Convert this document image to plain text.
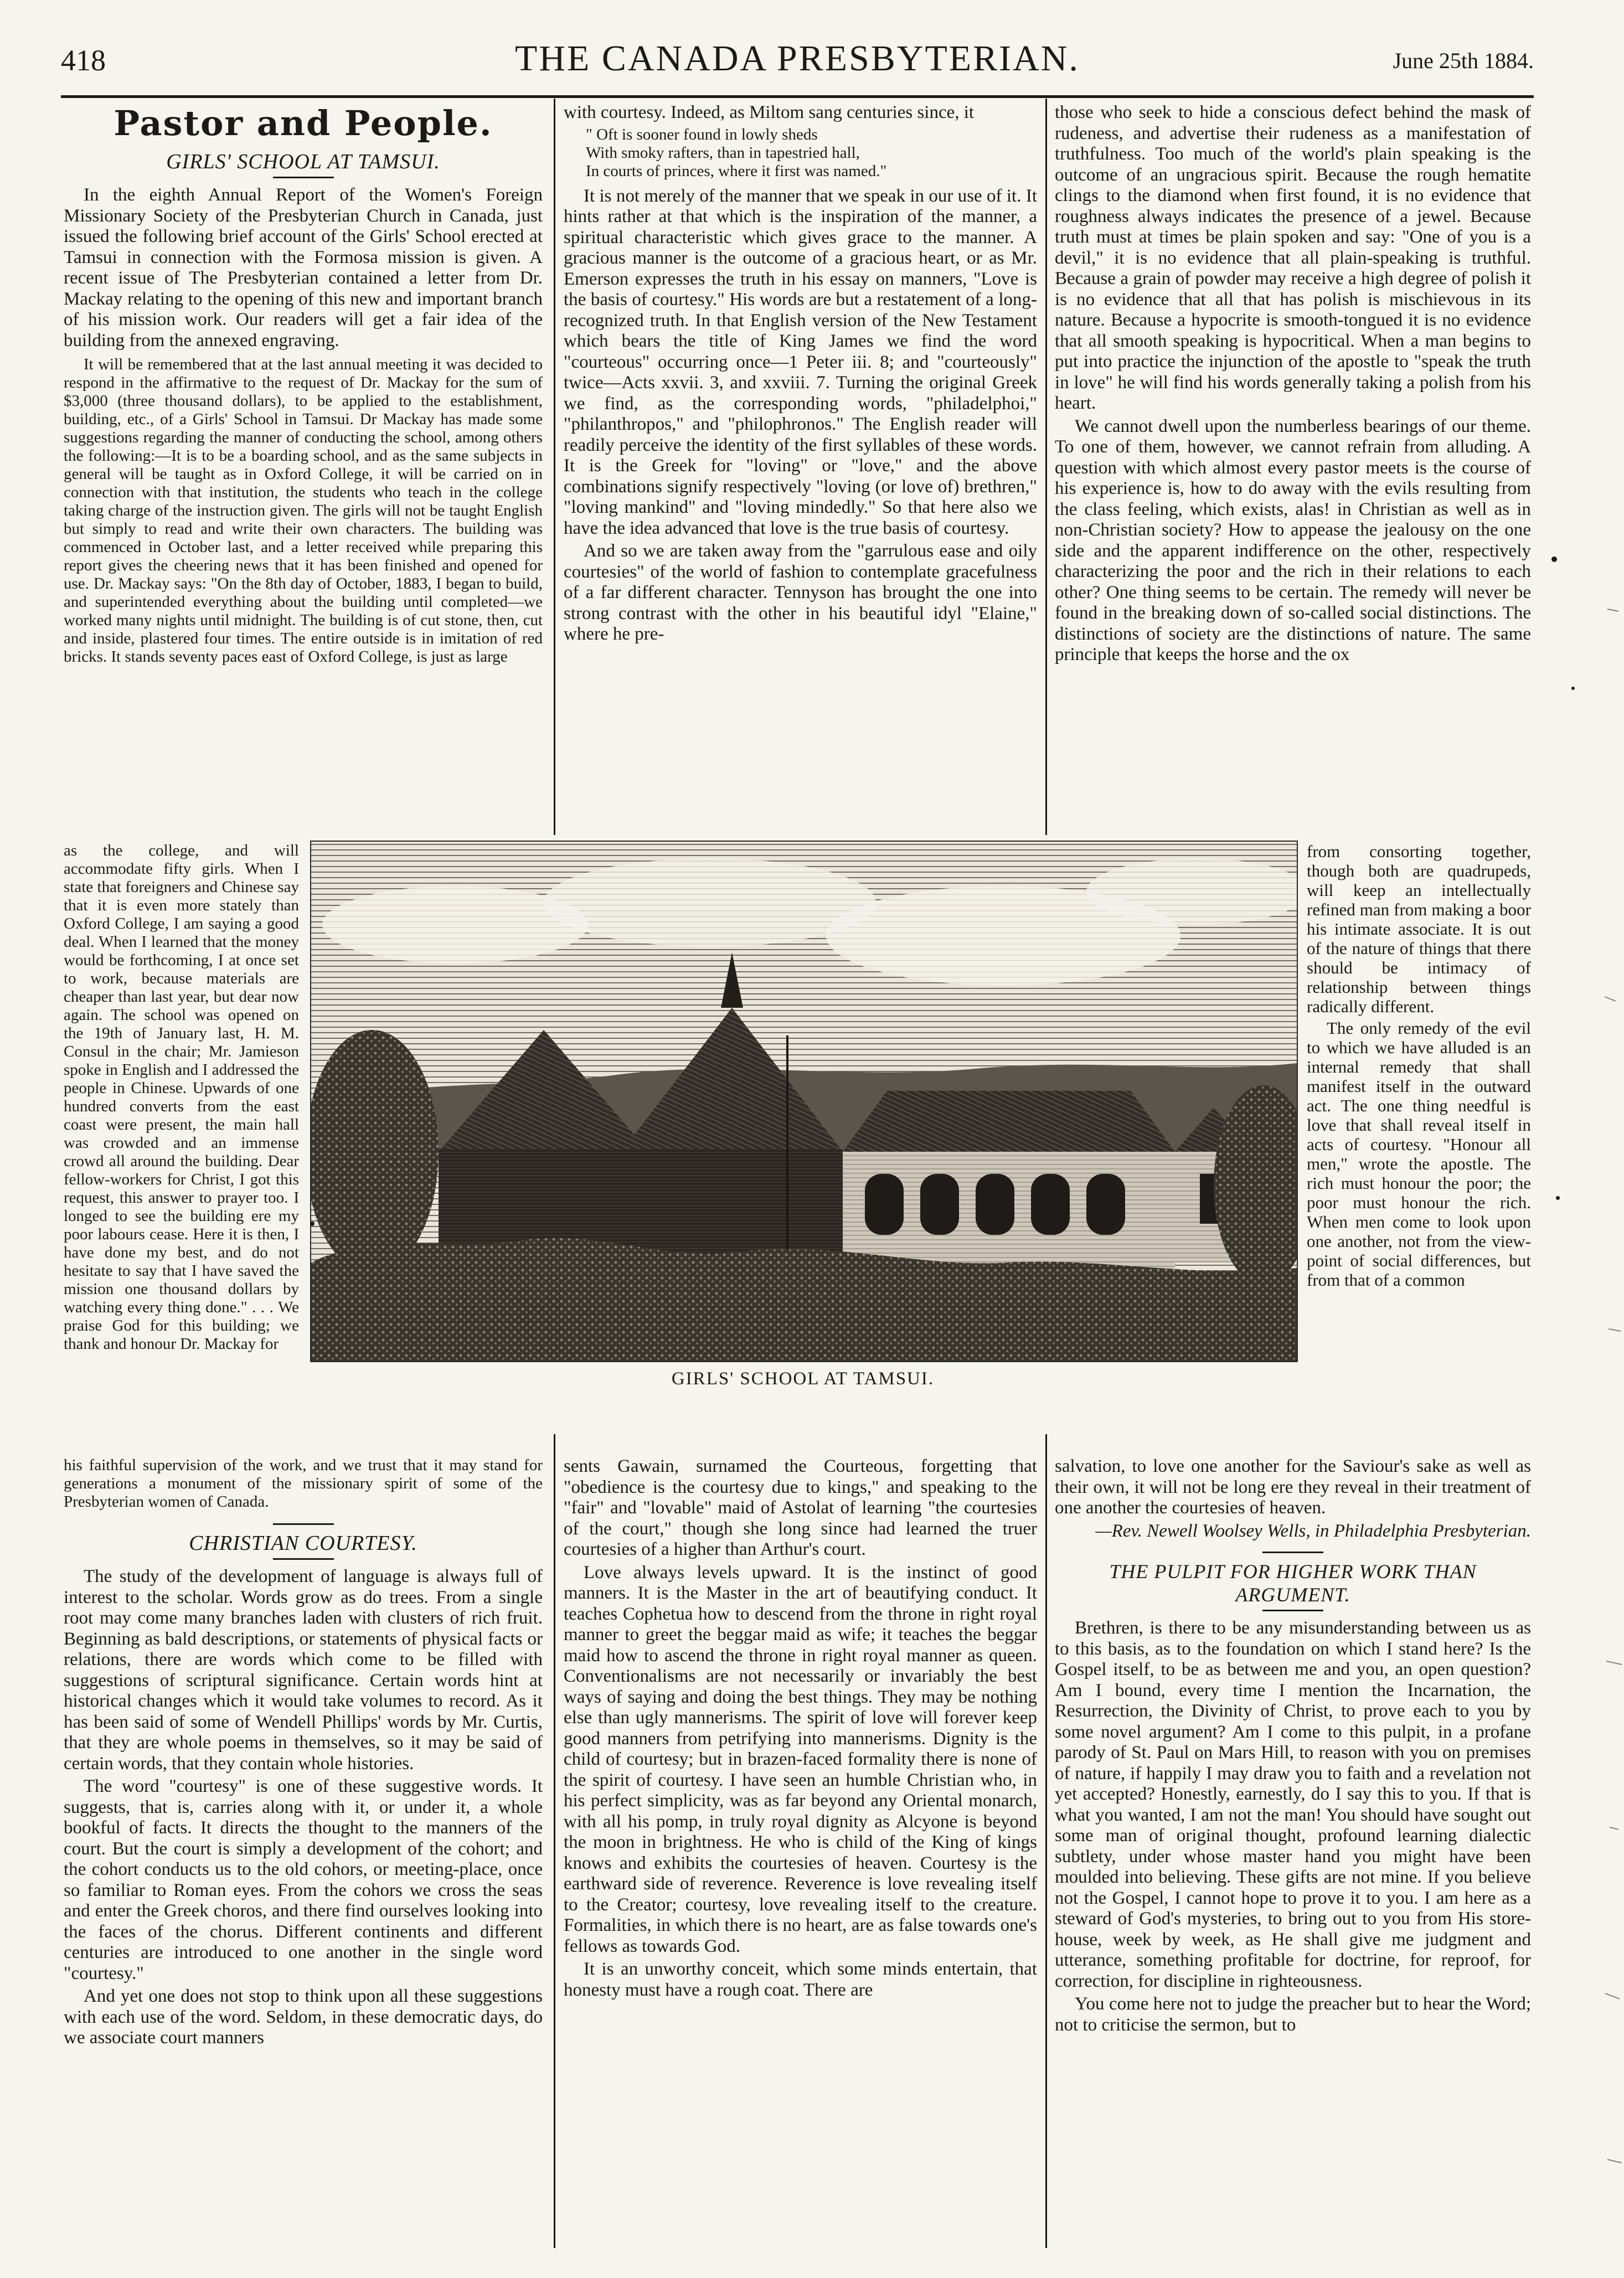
418	THE CANADA PRESBYTERIAN.	June 25th 1884.
Pastor and People.
GIRLS' SCHOOL AT TAMSUI.

In the eighth Annual Report of the Women's Foreign Missionary Society of the Presbyterian Church in Canada, just issued the following brief account of the Girls' School erected at Tamsui in connection with the Formosa mission is given. A recent issue of The Presbyterian contained a letter from Dr. Mackay relating to the opening of this new and important branch of his mission work. Our readers will get a fair idea of the building from the annexed engraving.

It will be remembered that at the last annual meeting it was decided to respond in the affirmative to the request of Dr. Mackay for the sum of $3,000 (three thousand dollars), to be applied to the establishment, building, etc., of a Girls' School in Tamsui. Dr Mackay has made some suggestions regarding the manner of conducting the school, among others the following:—It is to be a boarding school, and as the same subjects in general will be taught as in Oxford College, it will be carried on in connection with that institution, the students who teach in the college taking charge of the instruction given. The girls will not be taught English but simply to read and write their own characters. The building was commenced in October last, and a letter received while preparing this report gives the cheering news that it has been finished and opened for use. Dr. Mackay says: "On the 8th day of October, 1883, I began to build, and superintended everything about the building until completed—we worked many nights until midnight. The building is of cut stone, then, cut and inside, plastered four times. The entire outside is in imitation of red bricks. It stands seventy paces east of Oxford College, is just as large

as the college, and will accommodate fifty girls. When I state that foreigners and Chinese say that it is even more stately than Oxford College, I am saying a good deal. When I learned that the money would be forthcoming, I at once set to work, because materials are cheaper than last year, but dear now again. The school was opened on the 19th of January last, H. M. Consul in the chair; Mr. Jamieson spoke in English and I addressed the people in Chinese. Upwards of one hundred converts from the east coast were present, the main hall was crowded and an immense crowd all around the building. Dear fellow-workers for Christ, I got this request, this answer to prayer too. I longed to see the building ere my poor labours cease. Here it is then, I have done my best, and do not hesitate to say that I have saved the mission one thousand dollars by watching every thing done." . . . We praise God for this building; we thank and honour Dr. Mackay for

with courtesy. Indeed, as Miltom sang centuries since, it

" Oft is sooner found in lowly sheds
With smoky rafters, than in tapestried hall,
In courts of princes, where it first was named."

It is not merely of the manner that we speak in our use of it. It hints rather at that which is the inspiration of the manner, a spiritual characteristic which gives grace to the manner. A gracious manner is the outcome of a gracious heart, or as Mr. Emerson expresses the truth in his essay on manners, "Love is the basis of courtesy." His words are but a restatement of a long-recognized truth. In that English version of the New Testament which bears the title of King James we find the word "courteous" occurring once—1 Peter iii. 8; and "courteously" twice—Acts xxvii. 3, and xxviii. 7. Turning the original Greek we find, as the corresponding words, "philadelphoi," "philanthropos," and "philophronos." The English reader will readily perceive the identity of the first syllables of these words. It is the Greek for "loving" or "love," and the above combinations signify respectively "loving (or love of) brethren," "loving mankind" and "loving mindedly." So that here also we have the idea advanced that love is the true basis of courtesy.

And so we are taken away from the "garrulous ease and oily courtesies" of the world of fashion to contemplate gracefulness of a far different character. Tennyson has brought the one into strong contrast with the other in his beautiful idyl "Elaine," where he pre-

those who seek to hide a conscious defect behind the mask of rudeness, and advertise their rudeness as a manifestation of truthfulness. Too much of the world's plain speaking is the outcome of an ungracious spirit. Because the rough hematite clings to the diamond when first found, it is no evidence that roughness always indicates the presence of a jewel. Because truth must at times be plain spoken and say: "One of you is a devil," it is no evidence that all plain-speaking is truthful. Because a grain of powder may receive a high degree of polish it is no evidence that all that has polish is mischievous in its nature. Because a hypocrite is smooth-tongued it is no evidence that all smooth speaking is hypocritical. When a man begins to put into practice the injunction of the apostle to "speak the truth in love" he will find his words generally taking a polish from his heart.

We cannot dwell upon the numberless bearings of our theme. To one of them, however, we cannot refrain from alluding. A question with which almost every pastor meets is the course of his experience is, how to do away with the evils resulting from the class feeling, which exists, alas! in Christian as well as in non-Christian society? How to appease the jealousy on the one side and the apparent indifference on the other, respectively characterizing the poor and the rich in their relations to each other? One thing seems to be certain. The remedy will never be found in the breaking down of so-called social distinctions. The distinctions of society are the distinctions of nature. The same principle that keeps the horse and the ox

from consorting together, though both are quadrupeds, will keep an intellectually refined man from making a boor his intimate associate. It is out of the nature of things that there should be intimacy of relationship between things radically different.

The only remedy of the evil to which we have alluded is an internal remedy that shall manifest itself in the outward act. The one thing needful is love that shall reveal itself in acts of courtesy. "Honour all men," wrote the apostle. The rich must honour the poor; the poor must honour the rich. When men come to look upon one another, not from the view-point of social differences, but from that of a common

GIRLS' SCHOOL AT TAMSUI.

his faithful supervision of the work, and we trust that it may stand for generations a monument of the missionary spirit of some of the Presbyterian women of Canada.

CHRISTIAN COURTESY.

The study of the development of language is always full of interest to the scholar. Words grow as do trees. From a single root may come many branches laden with clusters of rich fruit. Beginning as bald descriptions, or statements of physical facts or relations, there are words which come to be filled with suggestions of scriptural significance. Certain words hint at historical changes which it would take volumes to record. As it has been said of some of Wendell Phillips' words by Mr. Curtis, that they are whole poems in themselves, so it may be said of certain words, that they contain whole histories.

The word "courtesy" is one of these suggestive words. It suggests, that is, carries along with it, or under it, a whole bookful of facts. It directs the thought to the manners of the court. But the court is simply a development of the cohort; and the cohort conducts us to the old cohors, or meeting-place, once so familiar to Roman eyes. From the cohors we cross the seas and enter the Greek choros, and there find ourselves looking into the faces of the chorus. Different continents and different centuries are introduced to one another in the single word "courtesy."

And yet one does not stop to think upon all these suggestions with each use of the word. Seldom, in these democratic days, do we associate court manners

sents Gawain, surnamed the Courteous, forgetting that "obedience is the courtesy due to kings," and speaking to the "fair" and "lovable" maid of Astolat of learning "the courtesies of the court," though she long since had learned the truer courtesies of a higher than Arthur's court.

Love always levels upward. It is the instinct of good manners. It is the Master in the art of beautifying conduct. It teaches Cophetua how to descend from the throne in right royal manner to greet the beggar maid as wife; it teaches the beggar maid how to ascend the throne in right royal manner as queen. Conventionalisms are not necessarily or invariably the best ways of saying and doing the best things. They may be nothing else than ugly mannerisms. The spirit of love will forever keep good manners from petrifying into mannerisms. Dignity is the child of courtesy; but in brazen-faced formality there is none of the spirit of courtesy. I have seen an humble Christian who, in his perfect simplicity, was as far beyond any Oriental monarch, with all his pomp, in truly royal dignity as Alcyone is beyond the moon in brightness. He who is child of the King of kings knows and exhibits the courtesies of heaven. Courtesy is the earthward side of reverence. Reverence is love revealing itself to the Creator; courtesy, love revealing itself to the creature. Formalities, in which there is no heart, are as false towards one's fellows as towards God.

It is an unworthy conceit, which some minds entertain, that honesty must have a rough coat. There are

salvation, to love one another for the Saviour's sake as well as their own, it will not be long ere they reveal in their treatment of one another the courtesies of heaven.

—Rev. Newell Woolsey Wells, in Philadelphia Presbyterian.

THE PULPIT FOR HIGHER WORK THAN ARGUMENT.

Brethren, is there to be any misunderstanding between us as to this basis, as to the foundation on which I stand here? Is the Gospel itself, to be as between me and you, an open question? Am I bound, every time I mention the Incarnation, the Resurrection, the Divinity of Christ, to prove each to you by some novel argument? Am I come to this pulpit, in a profane parody of St. Paul on Mars Hill, to reason with you on premises of nature, if happily I may draw you to faith and a revelation not yet accepted? Honestly, earnestly, do I say this to you. If that is what you wanted, I am not the man! You should have sought out some man of original thought, profound learning dialectic subtlety, under whose master hand you might have been moulded into believing. These gifts are not mine. If you believe not the Gospel, I cannot hope to prove it to you. I am here as a steward of God's mysteries, to bring out to you from His store-house, week by week, as He shall give me judgment and utterance, something profitable for doctrine, for reproof, for correction, for discipline in righteousness.

You come here not to judge the preacher but to hear the Word; not to criticise the sermon, but to
